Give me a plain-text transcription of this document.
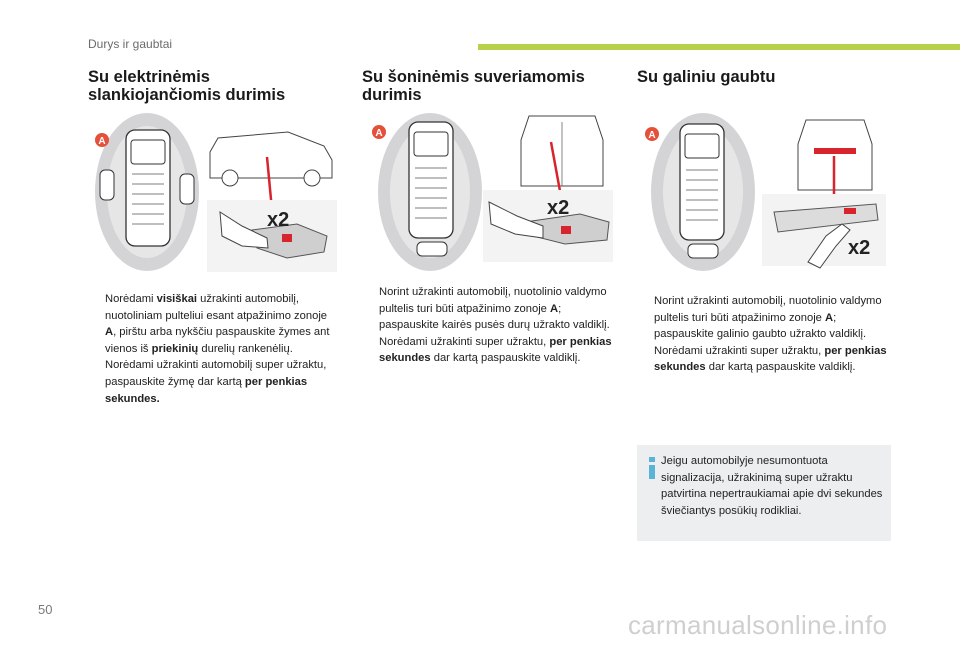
Durys ir gaubtai
Su elektrinėmis slankiojančiomis durimis
A
x2

Norėdami visiškai užrakinti automobilį, nuotoliniam pulteliui esant atpažinimo zonoje A, pirštu arba nykščiu paspauskite žymes ant vienos iš priekinių durelių rankenėlių.

Norėdami užrakinti automobilį super užraktu, paspauskite žymę dar kartą per penkias sekundes.

Su šoninėmis suveriamomis durimis
A
x2

Norint užrakinti automobilį, nuotolinio valdymo pultelis turi būti atpažinimo zonoje A; paspauskite kairės pusės durų užrakto valdiklį.

Norėdami užrakinti super užraktu, per penkias sekundes dar kartą paspauskite valdiklį.

Su galiniu gaubtu
A
x2

Norint užrakinti automobilį, nuotolinio valdymo pultelis turi būti atpažinimo zonoje A; paspauskite galinio gaubto užrakto valdiklį.

Norėdami užrakinti super užraktu, per penkias sekundes dar kartą paspauskite valdiklį.

Jeigu automobilyje nesumontuota signalizacija, užrakinimą super užraktu patvirtina nepertraukiamai apie dvi sekundes šviečiantys posūkių rodikliai.
50
carmanualsonline.info
